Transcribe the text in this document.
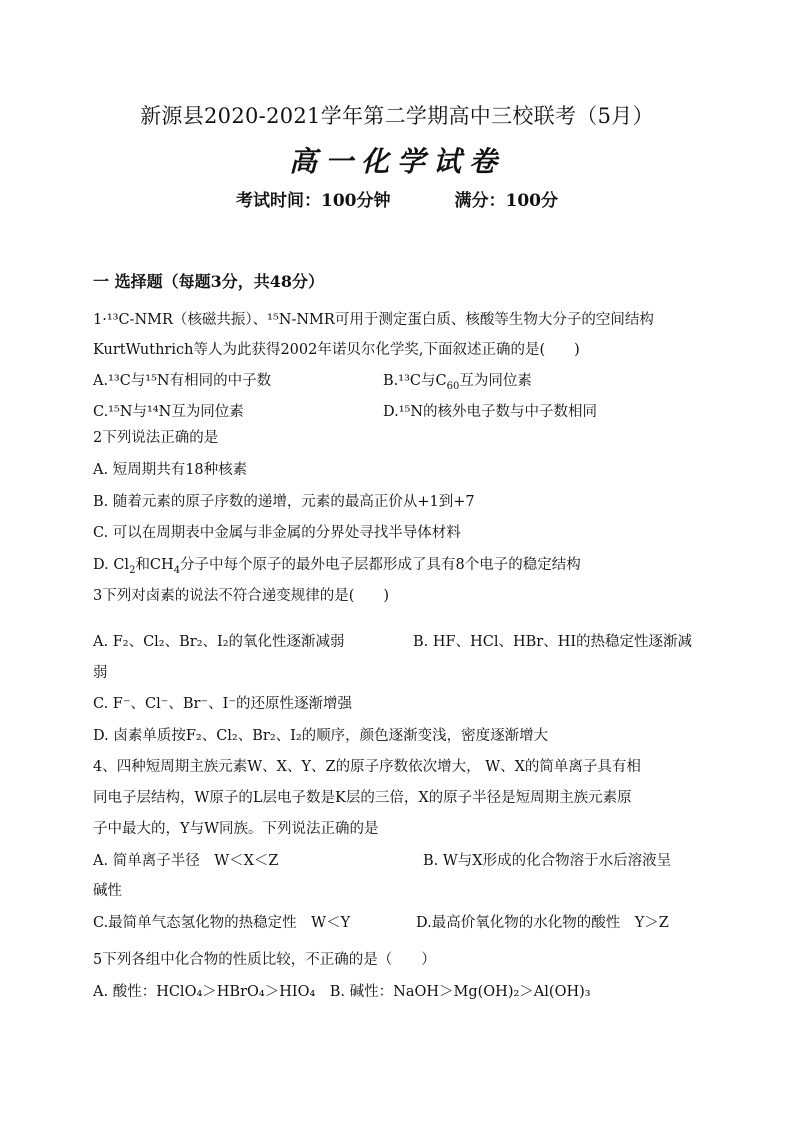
新源县2020-2021学年第二学期高中三校联考（5月）
高一化学试卷
考试时间：100分钟	满分：100分
一 选择题（每题3分，共48分）
1·¹³C-NMR（核磁共振）、¹⁵N-NMR可用于测定蛋白质、核酸等生物大分子的空间结构
KurtWuthrich等人为此获得2002年诺贝尔化学奖,下面叙述正确的是(　　)
A.¹³C与¹⁵N有相同的中子数	B.¹³C与$C_{60}$互为同位素
C.¹⁵N与¹⁴N互为同位素	D.¹⁵N的核外电子数与中子数相同
2下列说法正确的是
A. 短周期共有18种核素
B. 随着元素的原子序数的递增，元素的最高正价从+1到+7
C. 可以在周期表中金属与非金属的分界处寻找半导体材料
D. $Cl_2$和$CH_4$分子中每个原子的最外电子层都形成了具有8个电子的稳定结构
3下列对卤素的说法不符合递变规律的是(　　)
A. F₂、Cl₂、Br₂、I₂的氧化性逐渐减弱	B. HF、HCl、HBr、HI的热稳定性逐渐减
弱
C. F⁻、Cl⁻、Br⁻、I⁻的还原性逐渐增强
D. 卤素单质按F₂、Cl₂、Br₂、I₂的顺序，颜色逐渐变浅，密度逐渐增大
4、四种短周期主族元素W、X、Y、Z的原子序数依次增大， W、X的简单离子具有相
同电子层结构，W原子的L层电子数是K层的三倍，X的原子半径是短周期主族元素原
子中最大的，Y与W同族。下列说法正确的是
A. 简单离子半径　W＜X＜Z	B. W与X形成的化合物溶于水后溶液呈
碱性
C.最简单气态氢化物的热稳定性　W＜Y	D.最高价氧化物的水化物的酸性　Y＞Z
5下列各组中化合物的性质比较，不正确的是（　　）
A. 酸性：HClO₄＞HBrO₄＞HIO₄　B. 碱性：NaOH＞Mg(OH)₂＞Al(OH)₃
